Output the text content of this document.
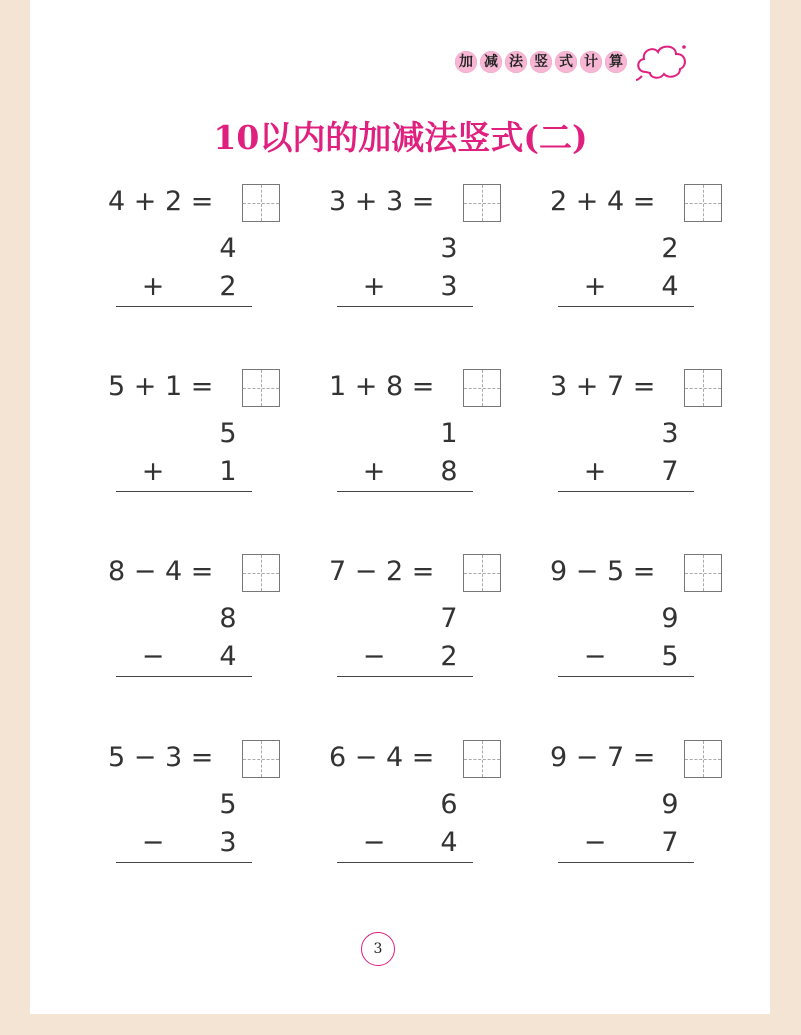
加 减 法 竖 式 计 算
10以内的加减法竖式(二)
4 + 2 =
4
+	2
3 + 3 =
3
+	3
2 + 4 =
2
+	4
5 + 1 =
5
+	1
1 + 8 =
1
+	8
3 + 7 =
3
+	7
8 − 4 =
8
−	4
7 − 2 =
7
−	2
9 − 5 =
9
−	5
5 − 3 =
5
−	3
6 − 4 =
6
−	4
9 − 7 =
9
−	7
3
